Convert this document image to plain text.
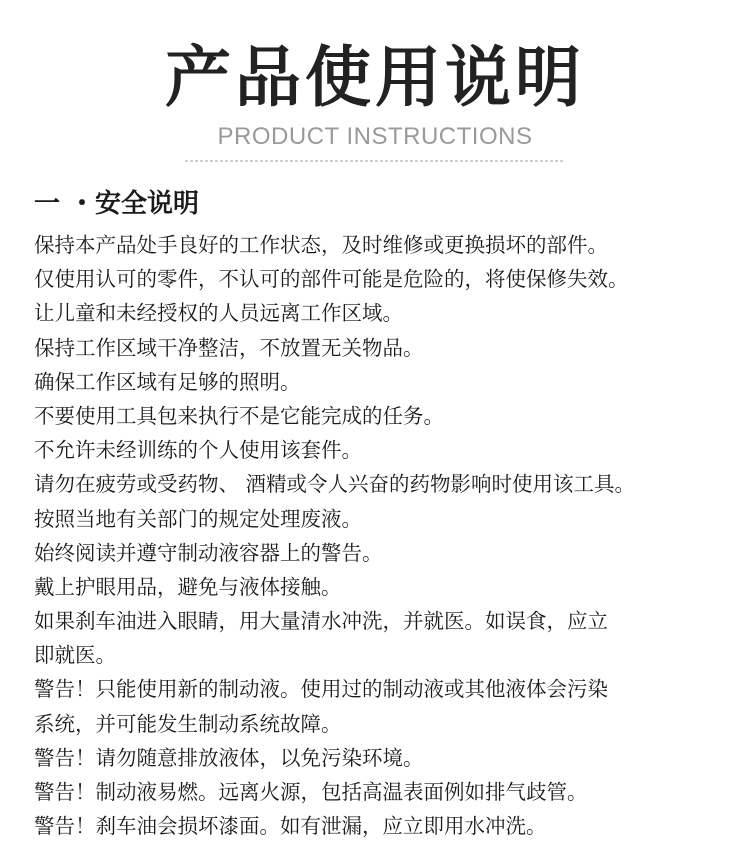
产品使用说明
PRODUCT INSTRUCTIONS
一 ・安全说明
保持本产品处手良好的工作状态，及时维修或更换损坏的部件。
仅使用认可的零件，不认可的部件可能是危险的，将使保修失效。
让儿童和未经授权的人员远离工作区域。
保持工作区域干净整洁，不放置无关物品。
确保工作区域有足够的照明。
不要使用工具包来执行不是它能完成的任务。
不允许未经训练的个人使用该套件。
请勿在疲劳或受药物、 酒精或令人兴奋的药物影响时使用该工具。
按照当地有关部门的规定处理废液。
始终阅读并遵守制动液容器上的警告。
戴上护眼用品，避免与液体接触。
如果刹车油进入眼睛，用大量清水冲洗，并就医。如误食，应立
即就医。
警告！只能使用新的制动液。使用过的制动液或其他液体会污染
系统，并可能发生制动系统故障。
警告！请勿随意排放液体，以免污染环境。
警告！制动液易燃。远离火源，包括高温表面例如排气歧管。
警告！刹车油会损坏漆面。如有泄漏，应立即用水冲洗。
